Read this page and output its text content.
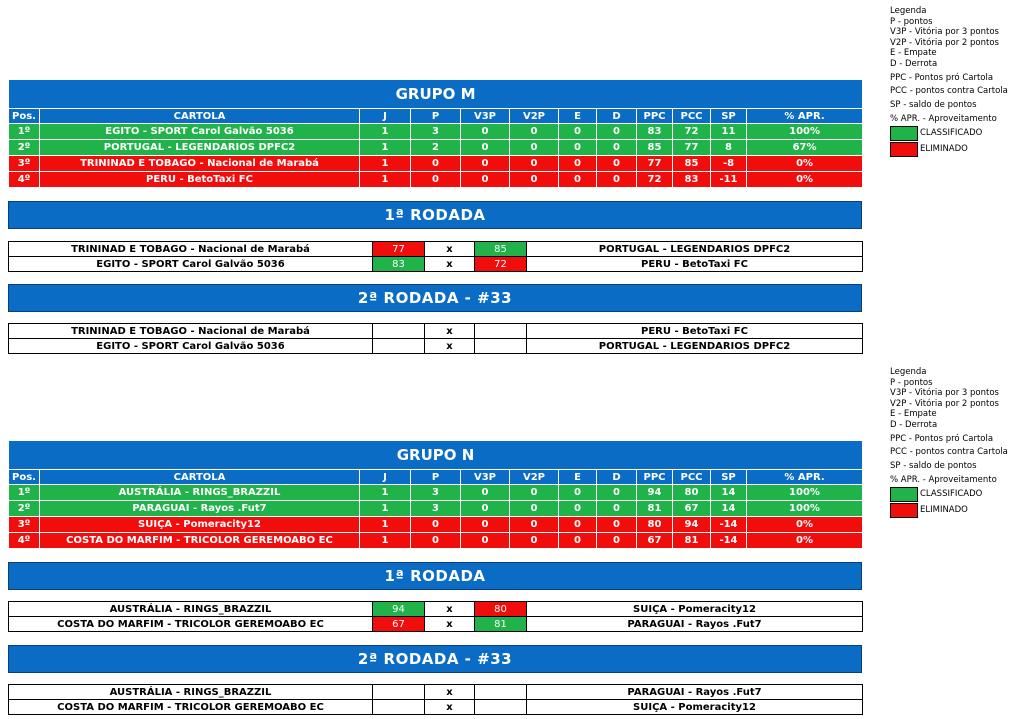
Legenda
P - pontos
V3P - Vitória por 3 pontos
V2P - Vitória por 2 pontos
E - Empate
D - Derrota
PPC - Pontos pró Cartola
PCC - pontos contra Cartola
SP - saldo de pontos
% APR. - Aproveitamento
CLASSIFICADO
ELIMINADO
GRUPO M											
Pos.	CARTOLA	J	P	V3P	V2P	E	D	PPC	PCC	SP	% APR.
1º	EGITO - SPORT Carol Galvão 5036	1	3	0	0	0	0	83	72	11	100%
2º	PORTUGAL - LEGENDARIOS DPFC2	1	2	0	0	0	0	85	77	8	67%
3º	TRININAD E TOBAGO - Nacional de Marabá	1	0	0	0	0	0	77	85	-8	0%
4º	PERU - BetoTaxi FC	1	0	0	0	0	0	72	83	-11	0%
1ª RODADA
TRININAD E TOBAGO - Nacional de Marabá	77	x	85	PORTUGAL - LEGENDARIOS DPFC2
EGITO - SPORT Carol Galvão 5036	83	x	72	PERU - BetoTaxi FC
2ª RODADA - #33
TRININAD E TOBAGO - Nacional de Marabá		x		PERU - BetoTaxi FC
EGITO - SPORT Carol Galvão 5036		x		PORTUGAL - LEGENDARIOS DPFC2
Legenda
P - pontos
V3P - Vitória por 3 pontos
V2P - Vitória por 2 pontos
E - Empate
D - Derrota
PPC - Pontos pró Cartola
PCC - pontos contra Cartola
SP - saldo de pontos
% APR. - Aproveitamento
CLASSIFICADO
ELIMINADO
GRUPO N											
Pos.	CARTOLA	J	P	V3P	V2P	E	D	PPC	PCC	SP	% APR.
1º	AUSTRÁLIA - RINGS_BRAZZIL	1	3	0	0	0	0	94	80	14	100%
2º	PARAGUAI - Rayos .Fut7	1	3	0	0	0	0	81	67	14	100%
3º	SUIÇA - Pomeracity12	1	0	0	0	0	0	80	94	-14	0%
4º	COSTA DO MARFIM - TRICOLOR GEREMOABO EC	1	0	0	0	0	0	67	81	-14	0%
1ª RODADA
AUSTRÁLIA - RINGS_BRAZZIL	94	x	80	SUIÇA - Pomeracity12
COSTA DO MARFIM - TRICOLOR GEREMOABO EC	67	x	81	PARAGUAI - Rayos .Fut7
2ª RODADA - #33
AUSTRÁLIA - RINGS_BRAZZIL		x		PARAGUAI - Rayos .Fut7
COSTA DO MARFIM - TRICOLOR GEREMOABO EC		x		SUIÇA - Pomeracity12
